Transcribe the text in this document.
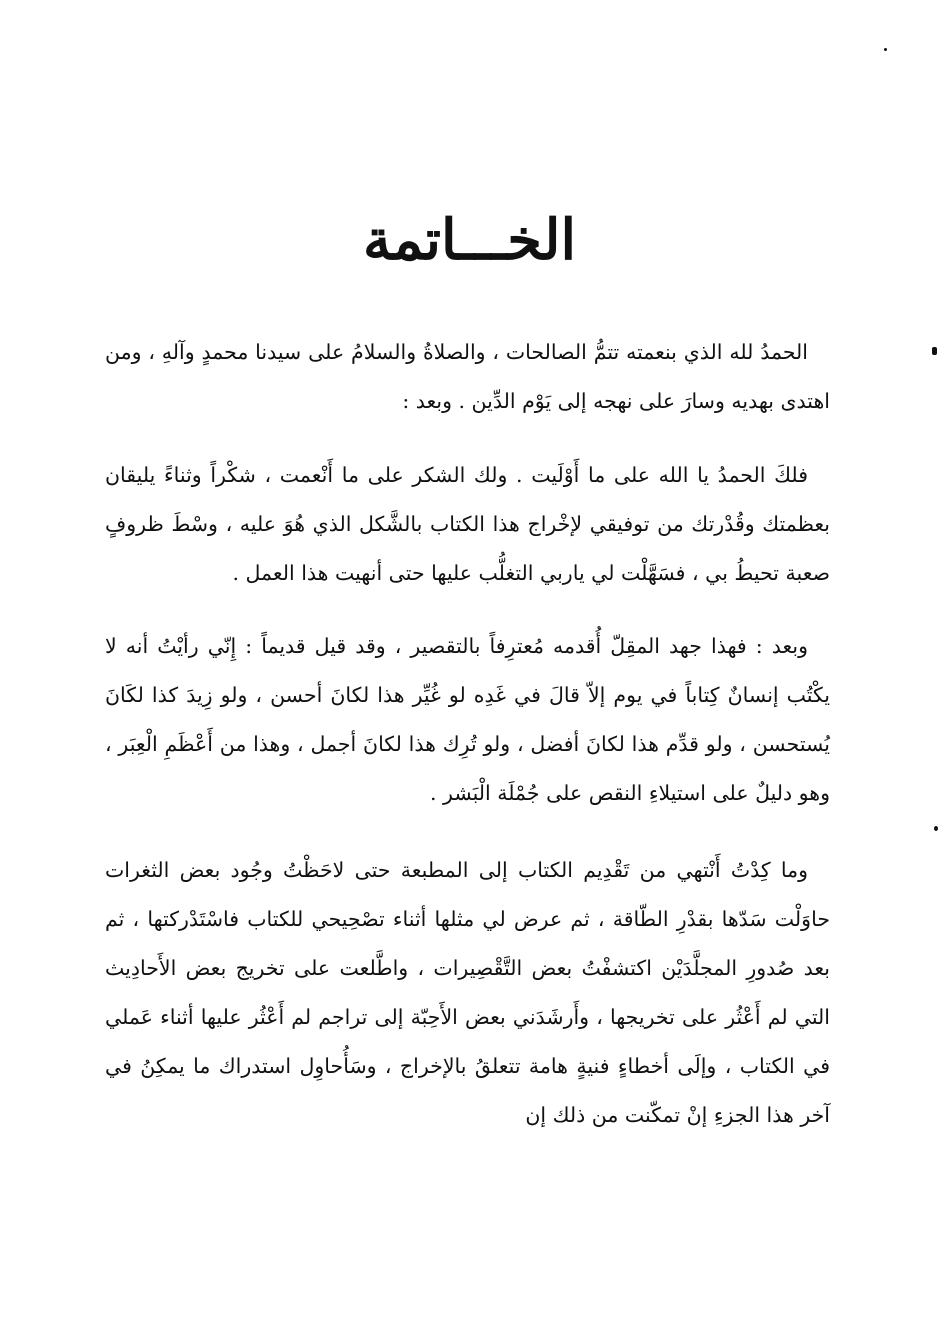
الخـــاتمة

الحمدُ لله الذي بنعمته تتمُّ الصالحات ، والصلاةُ والسلامُ على سيدنا محمدٍ وآلهِ ، ومن اهتدى بهديه وسارَ على نهجه إلى يَوْم الدِّين . وبعد :

فلكَ الحمدُ يا الله على ما أَوْلَيت . ولك الشكر على ما أَنْعمت ، شكْراً وثناءً يليقان بعظمتك وقُدْرتك من توفيقي لإخْراج هذا الكتاب بالشَّكل الذي هُوَ عليه ، وسْطَ ظروفٍ صعبة تحيطُ بي ، فسَهَّلْت لي ياربي التغلُّب عليها حتى أنهيت هذا العمل .

وبعد : فهذا جهد المقِلّ أُقدمه مُعترِفاً بالتقصير ، وقد قيل قديماً : إِنّي رأيْتُ أنه لا يكْتُب إنسانٌ كِتاباً في يوم إلاّ قالَ في غَدِه لو غُيِّر هذا لكانَ أحسن ، ولو زِيدَ كذا لكَانَ يُستحسن ، ولو قدِّم هذا لكانَ أفضل ، ولو تُرِك هذا لكانَ أجمل ، وهذا من أَعْظَمِ الْعِبَر ، وهو دليلٌ على استيلاءِ النقص على جُمْلَة الْبَشر .

وما كِدْتُ أَنْتهي من تَقْدِيم الكتاب إلى المطبعة حتى لاحَظْتُ وجُود بعض الثغرات حاوَلْت سَدّها بقدْرِ الطّاقة ، ثم عرض لي مثلها أثناء تصْحِيحي للكتاب فاسْتَدْركتها ، ثم بعد صُدورِ المجلَّدَيْن اكتشفْتُ بعض التَّقْصِيرات ، واطَّلعت على تخريج بعض الأَحادِيث التي لم أَعْثُر على تخريجها ، وأَرشَدَني بعض الأَحِبّة إلى تراجم لم أَعْثُر عليها أثناء عَملي في الكتاب ، وإلَى أخطاءٍ فنيةٍ هامة تتعلقُ بالإخراج ، وسَأُحاوِل استدراك ما يمكِنُ في آخر هذا الجزءِ إنْ تمكّنت من ذلك إن
